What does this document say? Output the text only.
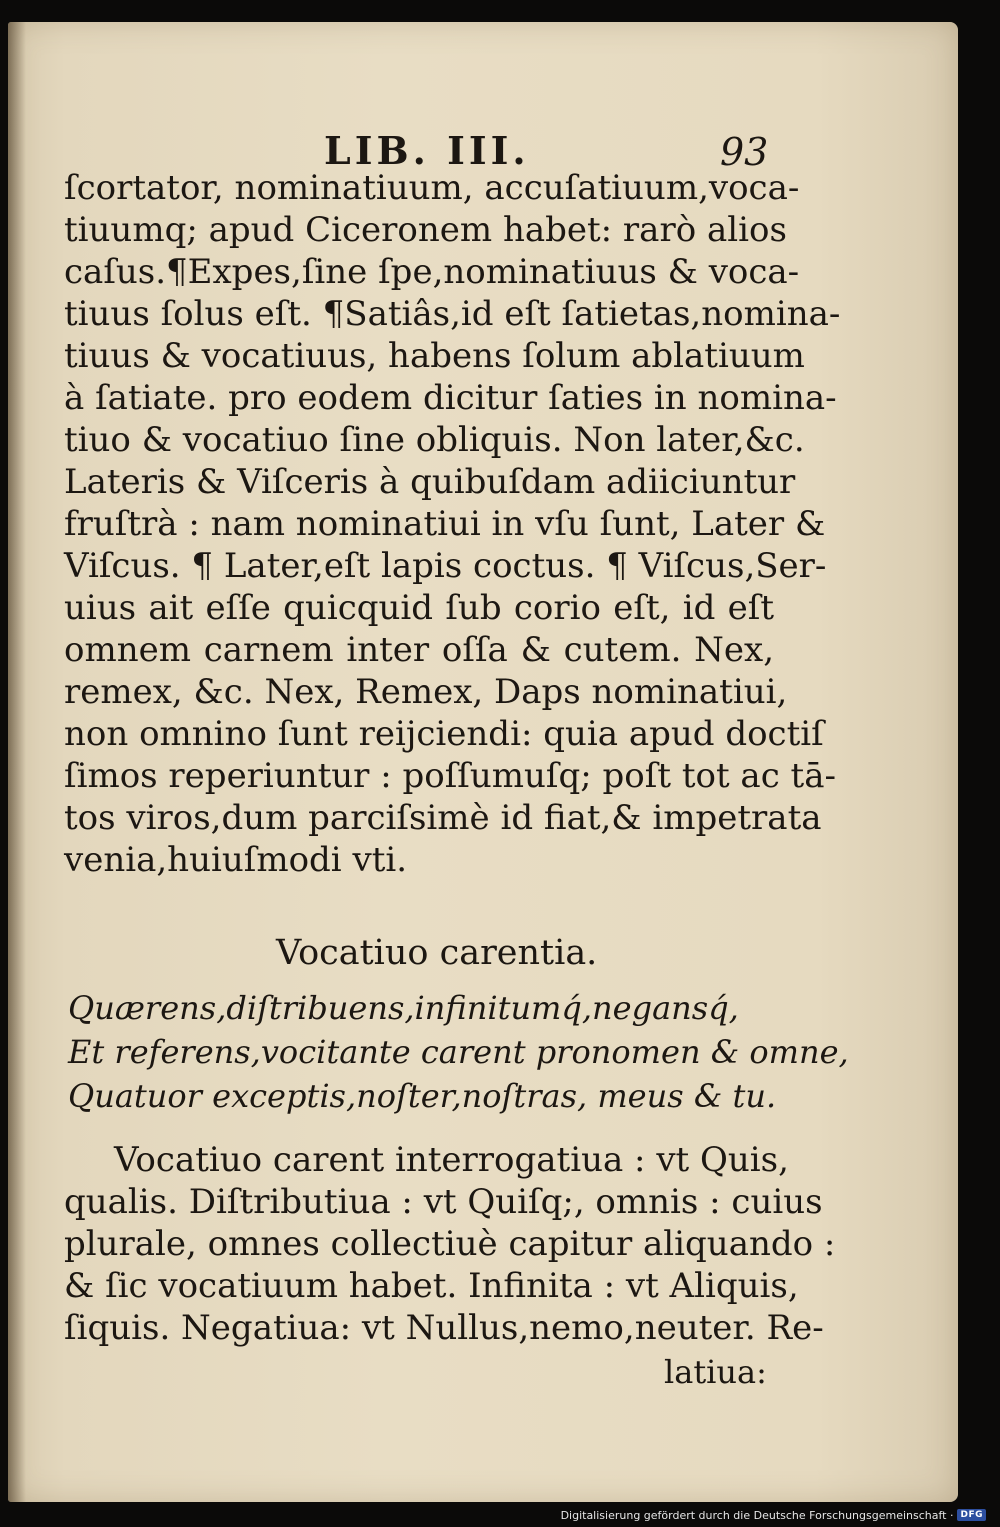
LIB. III.	93
ſcortator, nominatiuum, accuſatiuum,voca-
tiuumq; apud Ciceronem habet: rarò alios
caſus.¶Expes,ſine ſpe,nominatiuus & voca-
tiuus ſolus eſt. ¶Satiâs,id eſt ſatietas,nomina-
tiuus & vocatiuus, habens ſolum ablatiuum
à ſatiate. pro eodem dicitur ſaties in nomina-
tiuo & vocatiuo ſine obliquis. Non later,&c.
Lateris & Viſceris à quibuſdam adiiciuntur
fruſtrà : nam nominatiui in vſu ſunt, Later &
Viſcus. ¶ Later,eſt lapis coctus. ¶ Viſcus,Ser-
uius ait eſſe quicquid ſub corio eſt, id eſt
omnem carnem inter oſſa & cutem. Nex,
remex, &c. Nex, Remex, Daps nominatiui,
non omnino ſunt reijciendi: quia apud doctiſ
ſimos reperiuntur : poſſumuſq; poſt tot ac tā-
tos viros,dum parciſsimè id fiat,& impetrata
venia,huiuſmodi vti.
Vocatiuo carentia.
Quærens,diſtribuens,infinitumq́,negansq́,
Et referens,vocitante carent pronomen & omne,
Quatuor exceptis,noſter,noſtras, meus & tu.
Vocatiuo carent interrogatiua : vt Quis,
qualis. Diſtributiua : vt Quiſq;, omnis : cuius
plurale, omnes collectiuè capitur aliquando :
& ſic vocatiuum habet. Infinita : vt Aliquis,
ſiquis. Negatiua: vt Nullus,nemo,neuter. Re-
latiua:
Digitalisierung gefördert durch die Deutsche Forschungsgemeinschaft · DFG
